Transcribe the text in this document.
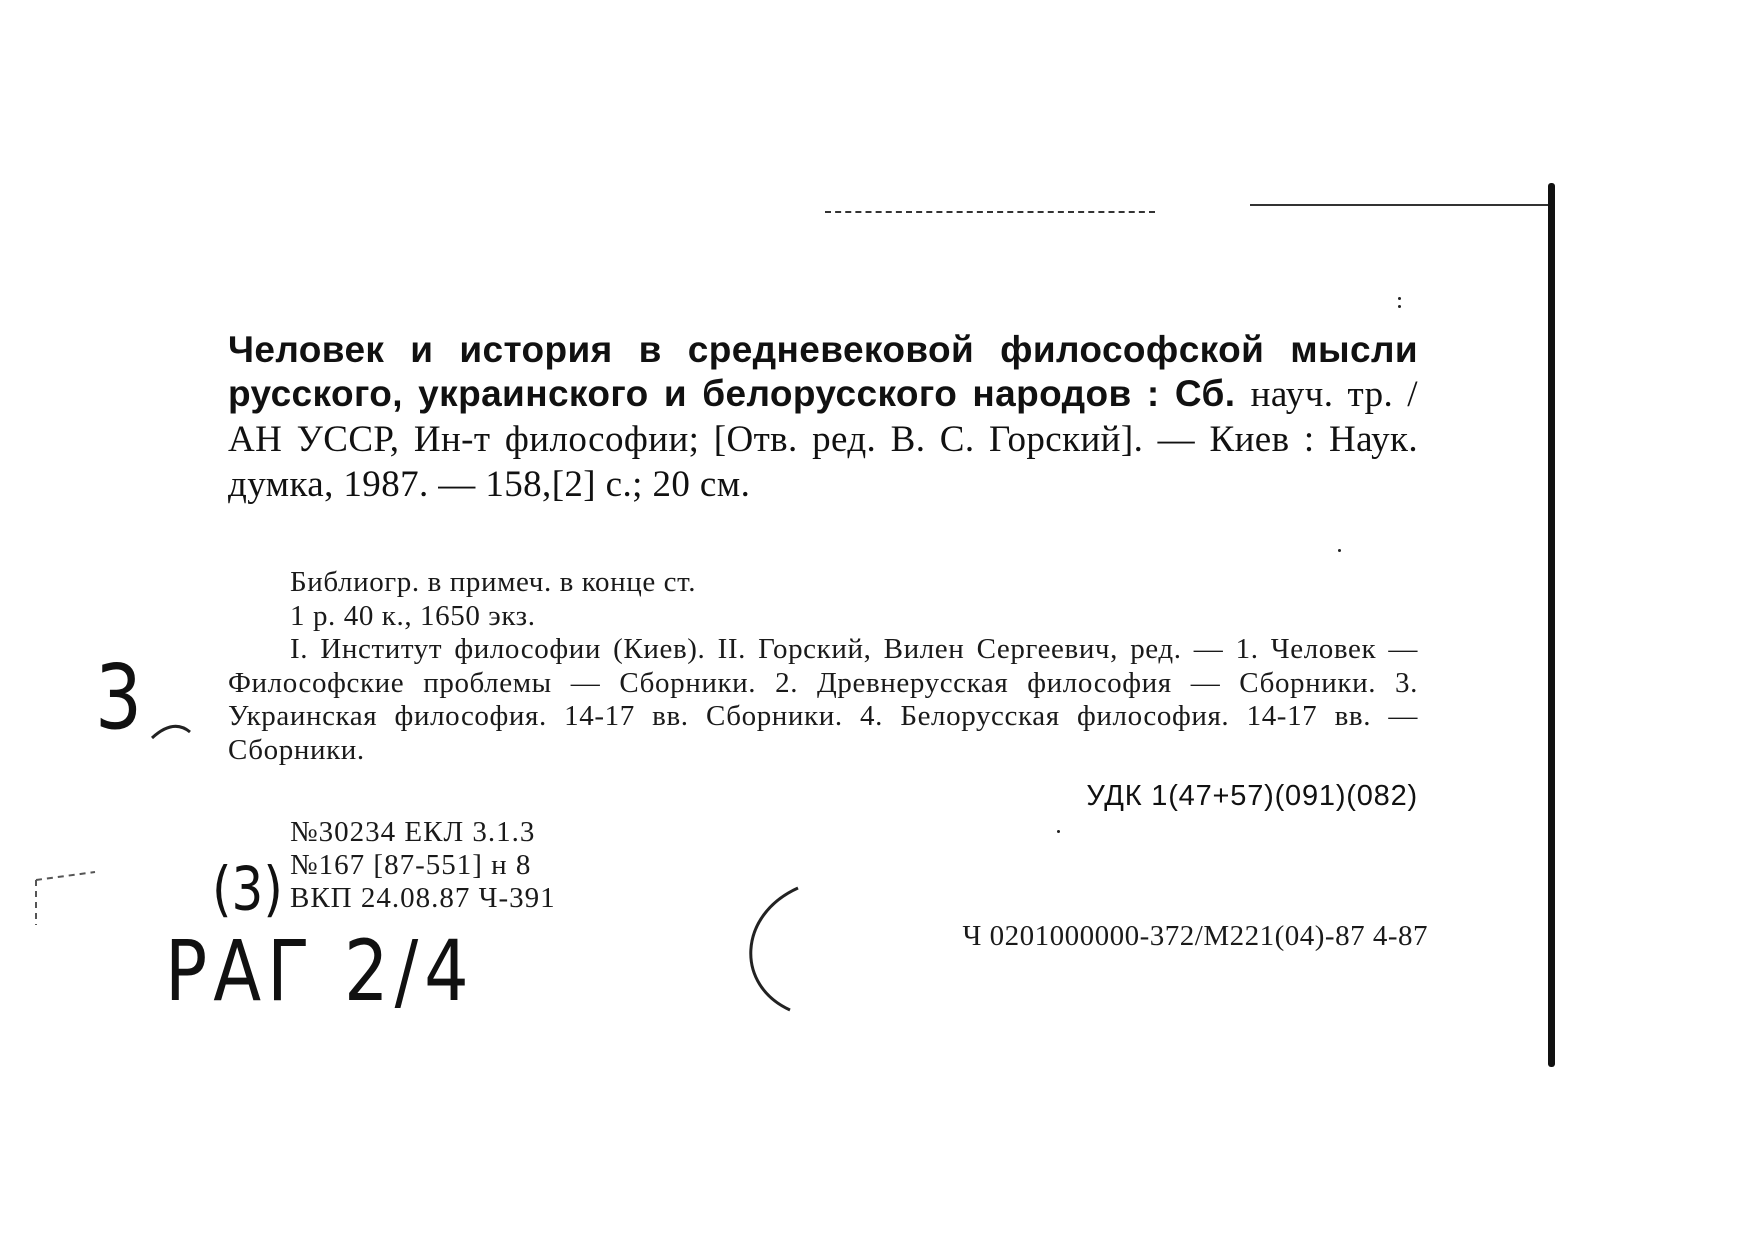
Человек и история в средневековой философской мысли русского, украинского и белорусского народов : Сб. науч. тр. / АН УССР, Ин-т философии; [Отв. ред. В. С. Горский]. — Киев : Наук. думка, 1987. — 158,[2] с.; 20 см.
Библиогр. в примеч. в конце ст.
1 р. 40 к., 1650 экз.
I. Институт философии (Киев). II. Горский, Вилен Сергеевич, ред. — 1. Человек — Философские проблемы — Сборники. 2. Древнерусская философия — Сборники. 3. Украинская философия. 14-17 вв. Сборники. 4. Белорусская философия. 14-17 вв. — Сборники.
УДК 1(47+57)(091)(082)
№30234 ЕКЛ 3.1.3
№167 [87-551] н 8
ВКП 24.08.87 Ч-391
Ч 0201000000-372/М221(04)-87 4-87
3
(3)
РАГ 2/4
